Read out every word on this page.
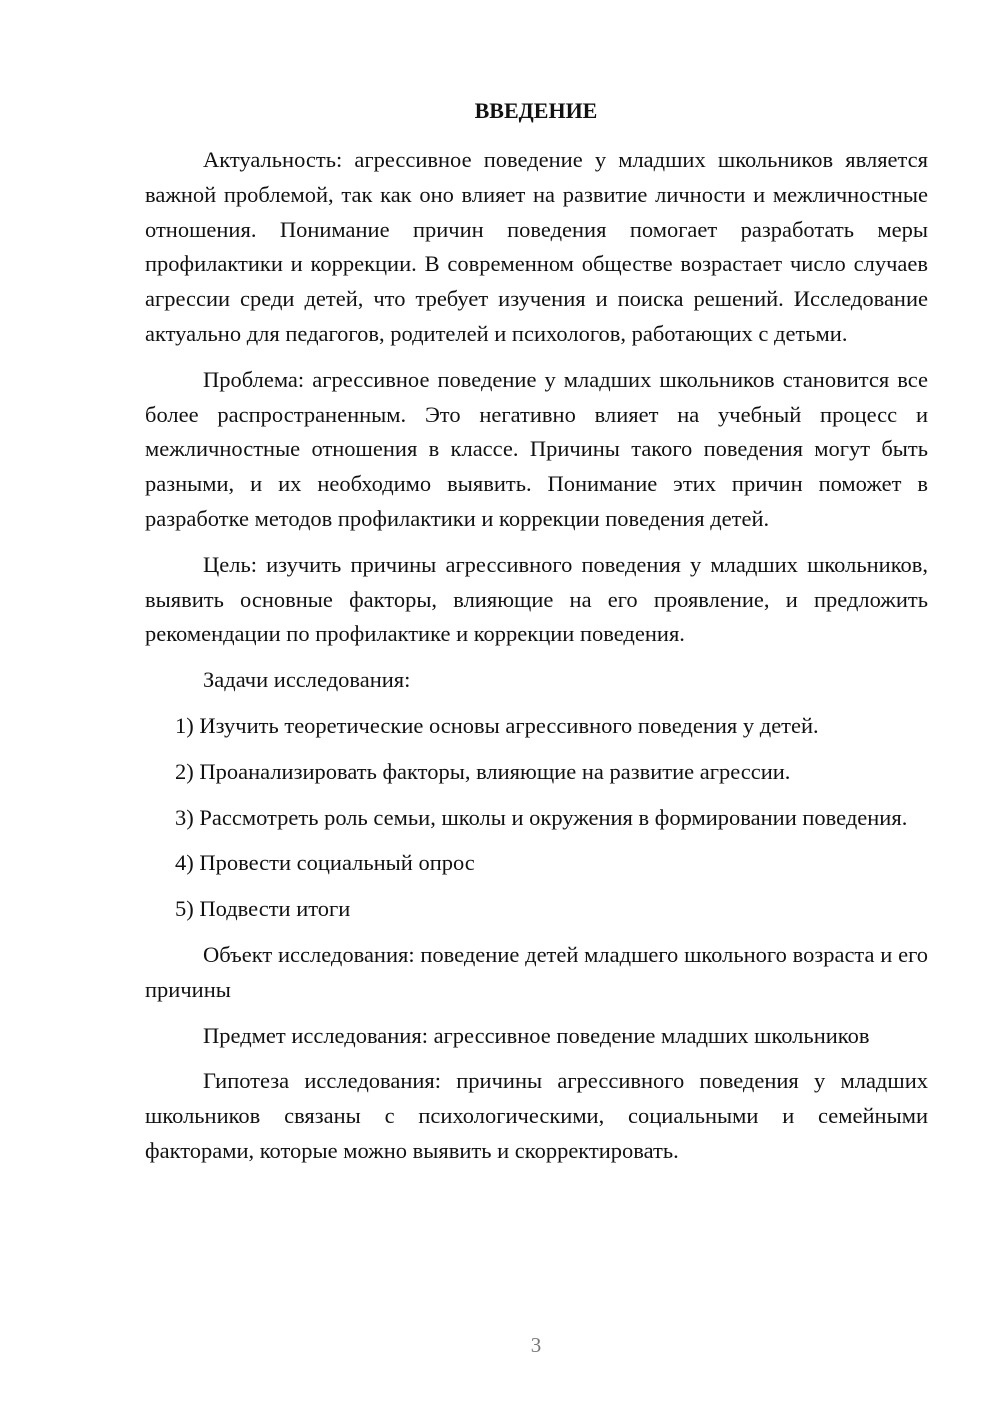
ВВЕДЕНИЕ

Актуальность: агрессивное поведение у младших школьников является важной проблемой, так как оно влияет на развитие личности и межличностные отношения. Понимание причин поведения помогает разработать меры профилактики и коррекции. В современном обществе возрастает число случаев агрессии среди детей, что требует изучения и поиска решений. Исследование актуально для педагогов, родителей и психологов, работающих с детьми.

Проблема: агрессивное поведение у младших школьников становится все более распространенным. Это негативно влияет на учебный процесс и межличностные отношения в классе. Причины такого поведения могут быть разными, и их необходимо выявить. Понимание этих причин поможет в разработке методов профилактики и коррекции поведения детей.

Цель: изучить причины агрессивного поведения у младших школьников, выявить основные факторы, влияющие на его проявление, и предложить рекомендации по профилактике и коррекции поведения.

Задачи исследования:

1) Изучить теоретические основы агрессивного поведения у детей.

2) Проанализировать факторы, влияющие на развитие агрессии.

3) Рассмотреть роль семьи, школы и окружения в формировании поведения.

4) Провести социальный опрос

5) Подвести итоги

Объект исследования: поведение детей младшего школьного возраста и его причины

Предмет исследования: агрессивное поведение младших школьников

Гипотеза исследования: причины агрессивного поведения у младших школьников связаны с психологическими, социальными и семейными факторами, которые можно выявить и скорректировать.

3
